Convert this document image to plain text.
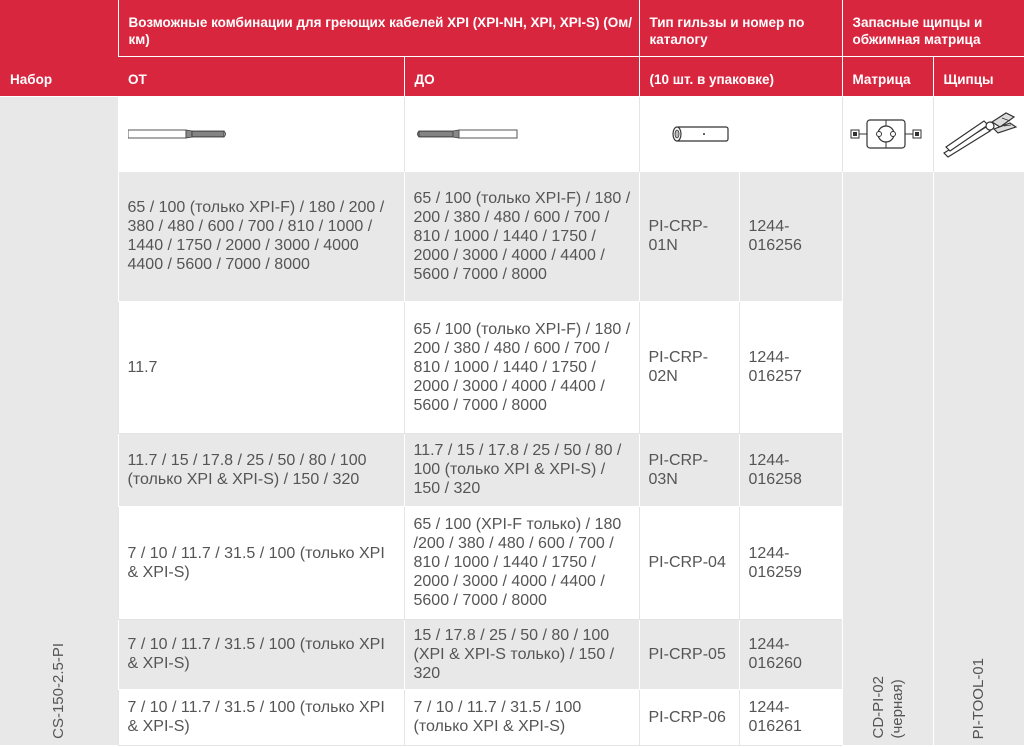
Набор	Возможные комбинации для греющих кабелей XPI (XPI-NH, XPI, XPI-S) (Ом/км)		Тип гильзы и номер по каталогу		Запасные щипцы и обжимная матрица	
	ОТ	ДО	(10 шт. в упаковке)		Матрица	Щипцы

CS-150-2.5-PI

	65 / 100 (только XPI-F) / 180 / 200 / 380 / 480 / 600 / 700 / 810 / 1000 / 1440 / 1750 / 2000 / 3000 / 4000 4400 / 5600 / 7000 / 8000	65 / 100 (только XPI-F) / 180 / 200 / 380 / 480 / 600 / 700 / 810 / 1000 / 1440 / 1750 / 2000 / 3000 / 4000 / 4400 / 5600 / 7000 / 8000	PI-CRP-01N	1244-016256	CD-PI-02 (черная)	PI-TOOL-01

	11.7	65 / 100 (только XPI-F) / 180 / 200 / 380 / 480 / 600 / 700 / 810 / 1000 / 1440 / 1750 / 2000 / 3000 / 4000 / 4400 / 5600 / 7000 / 8000	PI-CRP-02N	1244-016257		
	11.7 / 15 / 17.8 / 25 / 50 / 80 / 100 (только XPI & XPI-S) / 150 / 320	11.7 / 15 / 17.8 / 25 / 50 / 80 / 100 (только XPI & XPI-S) / 150 / 320	PI-CRP-03N	1244-016258		
	7 / 10 / 11.7 / 31.5 / 100 (только XPI & XPI-S)	65 / 100 (XPI-F только) / 180 /200 / 380 / 480 / 600 / 700 / 810 / 1000 / 1440 / 1750 / 2000 / 3000 / 4000 / 4400 / 5600 / 7000 / 8000	PI-CRP-04	1244-016259		
	7 / 10 / 11.7 / 31.5 / 100 (только XPI & XPI-S)	15 / 17.8 / 25 / 50 / 80 / 100 (XPI & XPI-S только) / 150 / 320	PI-CRP-05	1244-016260		
	7 / 10 / 11.7 / 31.5 / 100 (только XPI & XPI-S)	7 / 10 / 11.7 / 31.5 / 100 (только XPI & XPI-S)	PI-CRP-06	1244-016261		
